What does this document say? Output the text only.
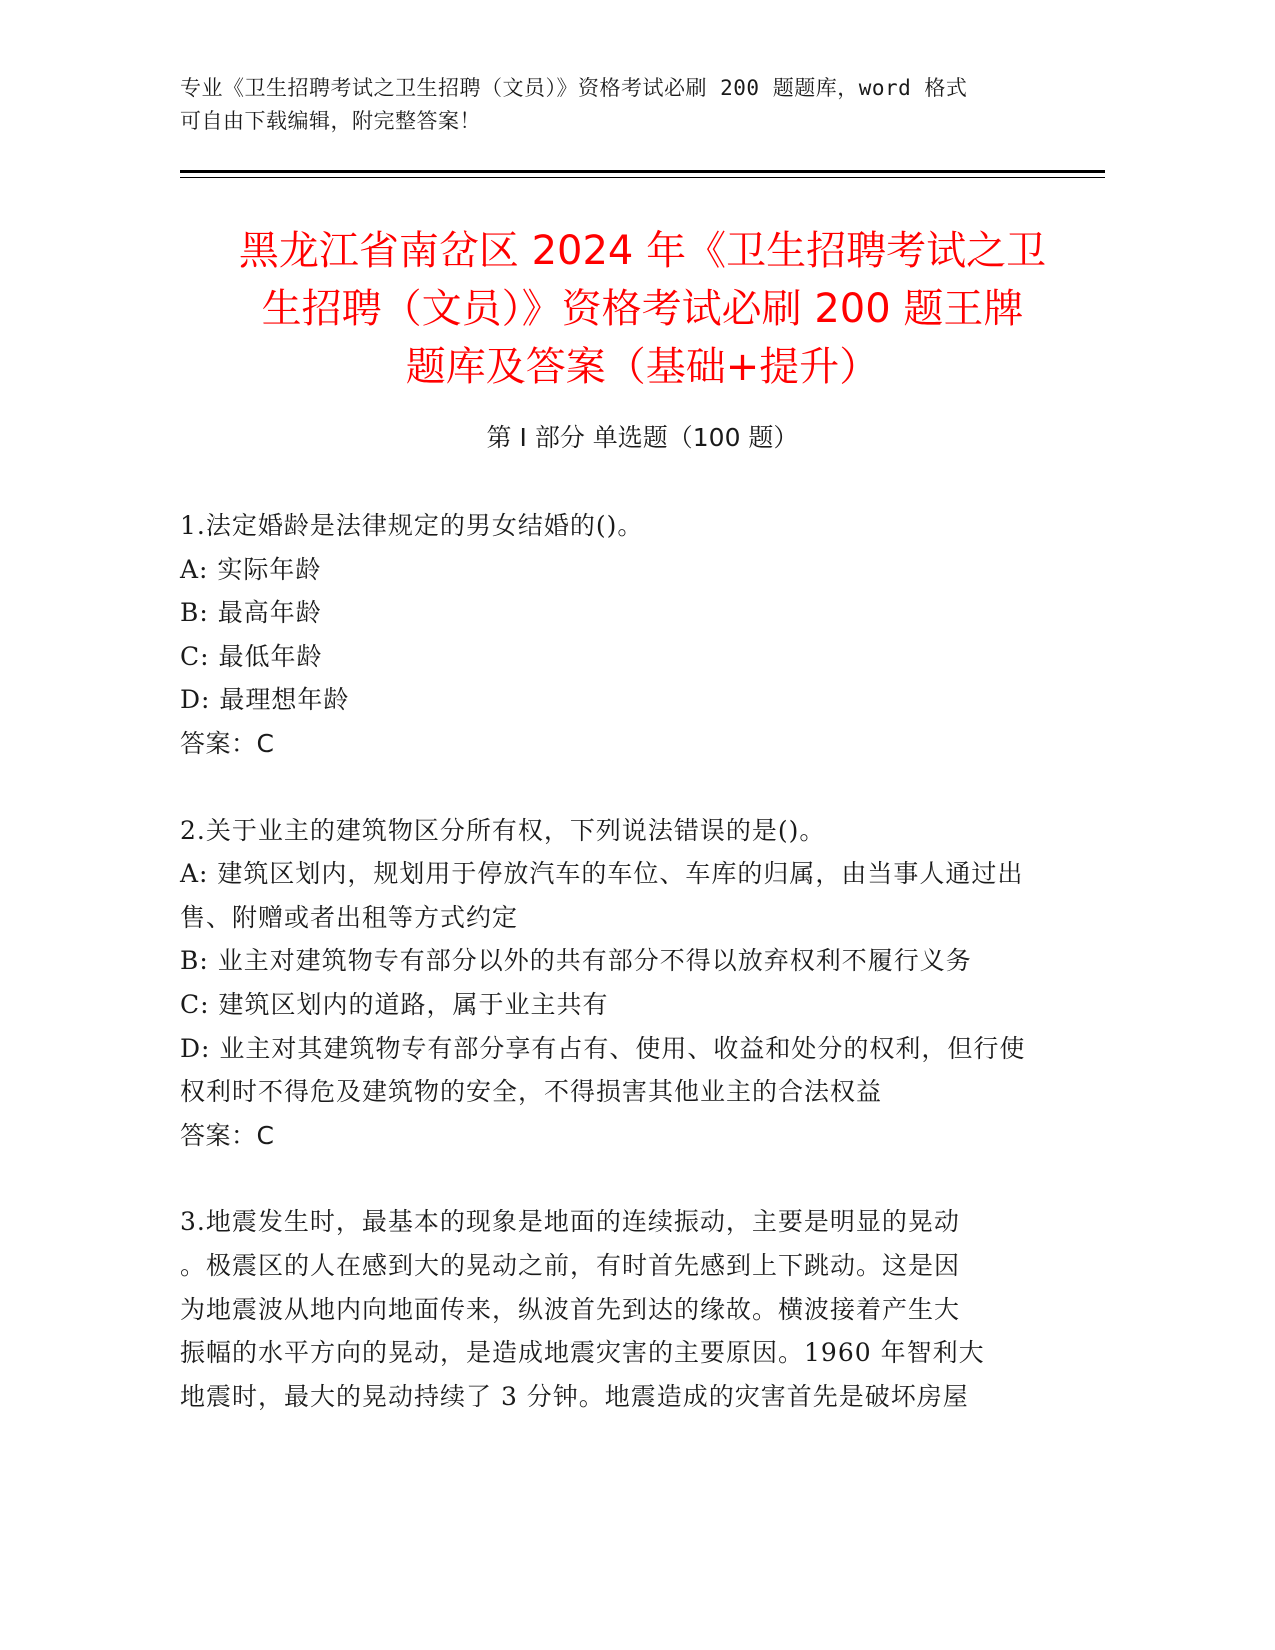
专业《卫生招聘考试之卫生招聘（文员）》资格考试必刷 200 题题库，word 格式
可自由下载编辑，附完整答案！
黑龙江省南岔区 2024 年《卫生招聘考试之卫
生招聘（文员）》资格考试必刷 200 题王牌
题库及答案（基础+提升）
第 I 部分 单选题（100 题）

1.法定婚龄是法律规定的男女结婚的()。

A: 实际年龄

B: 最高年龄

C: 最低年龄

D: 最理想年龄

答案：C

2.关于业主的建筑物区分所有权，下列说法错误的是()。

A: 建筑区划内，规划用于停放汽车的车位、车库的归属，由当事人通过出售、附赠或者出租等方式约定

B: 业主对建筑物专有部分以外的共有部分不得以放弃权利不履行义务

C: 建筑区划内的道路，属于业主共有

D: 业主对其建筑物专有部分享有占有、使用、收益和处分的权利，但行使权利时不得危及建筑物的安全，不得损害其他业主的合法权益

答案：C

3.地震发生时，最基本的现象是地面的连续振动，主要是明显的晃动

。极震区的人在感到大的晃动之前，有时首先感到上下跳动。这是因

为地震波从地内向地面传来，纵波首先到达的缘故。横波接着产生大

振幅的水平方向的晃动，是造成地震灾害的主要原因。1960 年智利大

地震时，最大的晃动持续了 3 分钟。地震造成的灾害首先是破坏房屋
